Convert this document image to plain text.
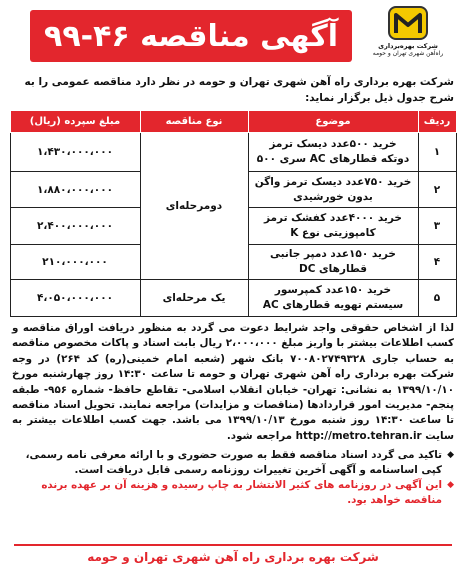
آگهی مناقصه ۴۶-۹۹	شرکت بهره‌برداری
راه‌آهن شهری تهران و حومه

شرکت بهره برداری راه آهن شهری تهران و حومه در نظر دارد مناقصه عمومی را به شرح جدول ذیل برگزار نماید:

ردیف	موضوع	نوع مناقصه	مبلغ سپرده (ریال)
۱	خرید ۵۰۰عدد دیسک ترمز دوتکه قطارهای AC سری ۵۰۰	دومرحله‌ای	۱،۴۳۰،۰۰۰،۰۰۰
۲	خرید ۷۵۰عدد دیسک ترمز واگن بدون خورشیدی		۱،۸۸۰،۰۰۰،۰۰۰
۳	خرید ۴۰۰۰عدد کفشک ترمز کامپوزیتی نوع K		۲،۴۰۰،۰۰۰،۰۰۰
۴	خرید ۱۵۰عدد دمپر جانبی قطارهای DC		۲۱۰،۰۰۰،۰۰۰
۵	خرید ۱۵۰عدد کمپرسور سیستم تهویه قطارهای AC	یک مرحله‌ای	۴،۰۵۰،۰۰۰،۰۰۰

لذا از اشخاص حقوقی واجد شرایط دعوت می گردد به منظور دریافت اوراق مناقصه و کسب اطلاعات بیشتر با واریز مبلغ ۲،۰۰۰،۰۰۰ ریال بابت اسناد و پاکات مخصوص مناقصه به حساب جاری ۷۰۰۸۰۲۷۴۹۳۲۸ بانک شهر (شعبه امام خمینی(ره) کد ۲۶۴) در وجه شرکت بهره برداری راه آهن شهری تهران و حومه تا ساعت ۱۴:۳۰ روز چهارشنبه مورخ ۱۳۹۹/۱۰/۱۰ به نشانی: تهران- خیابان انقلاب اسلامی- تقاطع حافظ- شماره ۹۵۶- طبقه پنجم- مدیریت امور قراردادها (مناقصات و مزایدات) مراجعه نمایند. تحویل اسناد مناقصه تا ساعت ۱۴:۳۰ روز شنبه مورخ ۱۳۹۹/۱۰/۱۳ می باشد. جهت کسب اطلاعات بیشتر به سایت http://metro.tehran.ir مراجعه شود.

◆
تاکید می گردد اسناد مناقصه فقط به صورت حضوری و با ارائه معرفی نامه رسمی، کپی اساسنامه و آگهی آخرین تغییرات روزنامه رسمی قابل دریافت است.
◆
این آگهی در روزنامه های کثیر الانتشار به چاپ رسیده و هزینه آن بر عهده برنده مناقصه خواهد بود.
شرکت بهره برداری راه آهن شهری تهران و حومه
